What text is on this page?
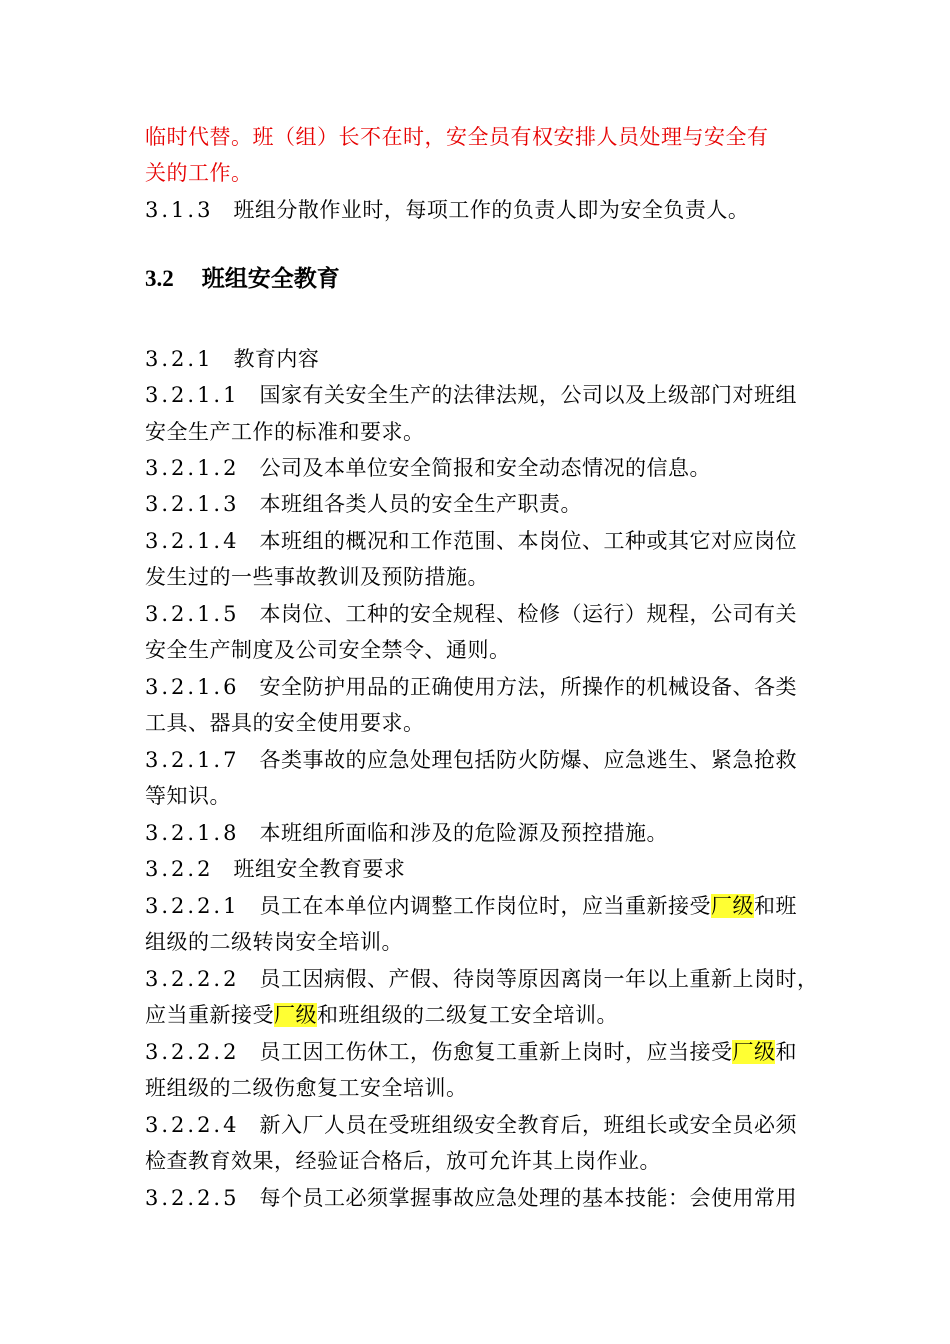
临时代替。班（组）长不在时，安全员有权安排人员处理与安全有
关的工作。
3.1.3 班组分散作业时，每项工作的负责人即为安全负责人。
3.2 班组安全教育
3.2.1 教育内容
3.2.1.1 国家有关安全生产的法律法规，公司以及上级部门对班组
安全生产工作的标准和要求。
3.2.1.2 公司及本单位安全简报和安全动态情况的信息。
3.2.1.3 本班组各类人员的安全生产职责。
3.2.1.4 本班组的概况和工作范围、本岗位、工种或其它对应岗位
发生过的一些事故教训及预防措施。
3.2.1.5 本岗位、工种的安全规程、检修（运行）规程，公司有关
安全生产制度及公司安全禁令、通则。
3.2.1.6 安全防护用品的正确使用方法，所操作的机械设备、各类
工具、器具的安全使用要求。
3.2.1.7 各类事故的应急处理包括防火防爆、应急逃生、紧急抢救
等知识。
3.2.1.8 本班组所面临和涉及的危险源及预控措施。
3.2.2 班组安全教育要求
3.2.2.1 员工在本单位内调整工作岗位时，应当重新接受厂级和班
组级的二级转岗安全培训。
3.2.2.2 员工因病假、产假、待岗等原因离岗一年以上重新上岗时，
应当重新接受厂级和班组级的二级复工安全培训。
3.2.2.2 员工因工伤休工，伤愈复工重新上岗时，应当接受厂级和
班组级的二级伤愈复工安全培训。
3.2.2.4 新入厂人员在受班组级安全教育后，班组长或安全员必须
检查教育效果，经验证合格后，放可允许其上岗作业。
3.2.2.5 每个员工必须掌握事故应急处理的基本技能：会使用常用
